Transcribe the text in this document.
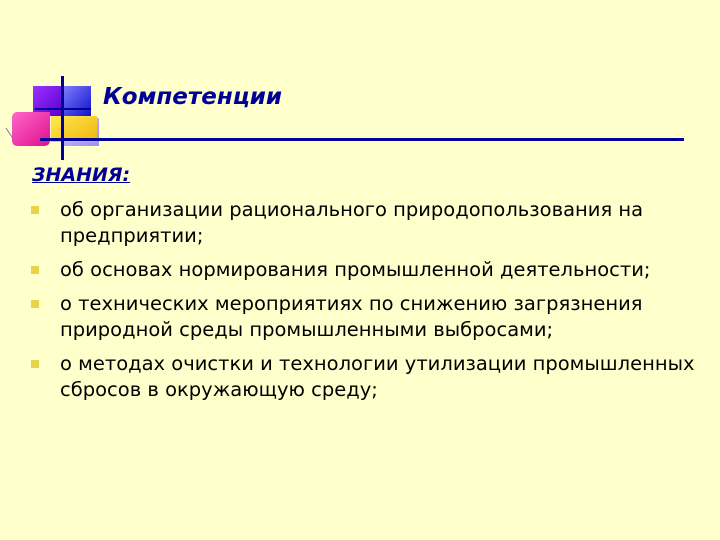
Компетенции
ЗНАНИЯ:
об организации рационального природопользования на предприятии;
об основах нормирования промышленной деятельности;
о технических мероприятиях по снижению загрязнения природной среды промышленными выбросами;
о методах очистки и технологии утилизации промышленных сбросов в окружающую среду;
